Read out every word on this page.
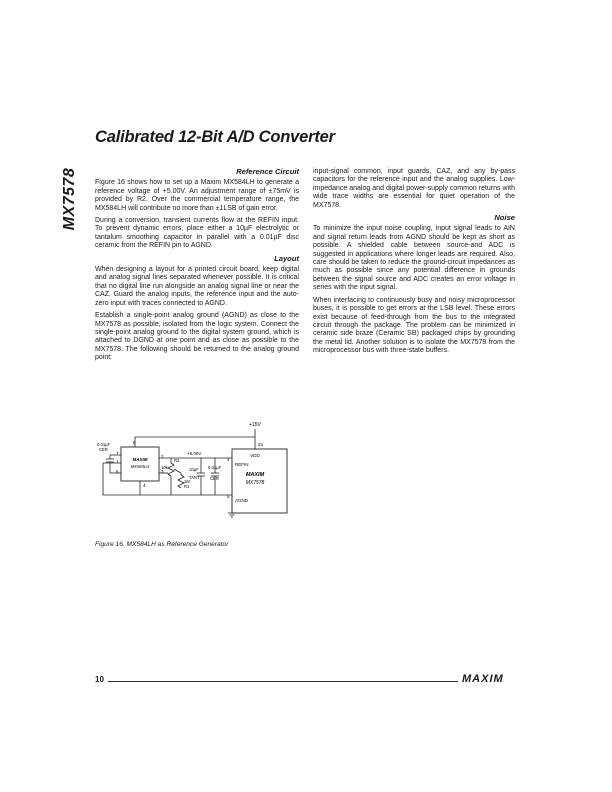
Calibrated 12-Bit A/D Converter
MX7578	Reference Circuit

Figure 16 shows how to set up a Maxim MX584LH to generate a reference voltage of +5.00V. An adjustment range of ±75mV is provided by R2. Over the commercial temperature range, the MX584LH will contribute no more than ±1LSB of gain error.

During a conversion, transient currents flow at the REFIN input. To prevent dynamic errors, place either a 10µF electrolytic or tantalum smoothing capacitor in parallel with a 0.01µF disc ceramic from the REFIN pin to AGND.

Layout

When designing a layout for a printed circuit board, keep digital and analog signal lines separated whenever possible. It is critical that no digital line run alongside an analog signal line or near the CAZ. Guard the analog inputs, the reference input and the auto-zero input with traces connected to AGND.

Establish a single-point analog ground (AGND) as close to the MX7578 as possible, isolated from the logic system. Connect the single-point analog ground to the digital system ground, which is attached to DGND at one point and as close as possible to the MX7578. The following should be returned to the analog ground point:

input-signal common, input guards, CAZ, and any by-pass capacitors for the reference input and the analog supplies. Low-impedance analog and digital power-supply common returns with wide trace widths are essential for quiet operation of the MX7578.

Noise

To minimize the input noise coupling, input signal leads to AIN and signal return leads from AGND should be kept as short as possible. A shielded cable between source-and ADC is suggested in applications where longer leads are required. Also, care should be taken to reduce the ground-circuit impedances as much as possible since any potential difference in grounds between the signal source and ADC creates an error voltage in series with the input signal.

When interfacing to continuously busy and noisy microprocessor buses, it is possible to get errors at the LSB level. These errors exist because of feed-through from the bus to the integrated circuit through the package. The problem can be minimized in ceramic side braze (Ceramic SB) packaged chips by grounding the metal lid. Another solution is to isolate the MX7578 from the microprocessor bus with three-state buffers.

+15V
24
VDD
REFIN
4
MAXIM
MX7578
AGND
5
MAXIM
MX584LH
8
7
1
6
2
3
4
0.01µF
CER
+5.00V
R2
10k
1M
R1
10µF
TANT
0.01µF
CER
Figure 16. MX584LH as Reference Generator
10	MAXIM
